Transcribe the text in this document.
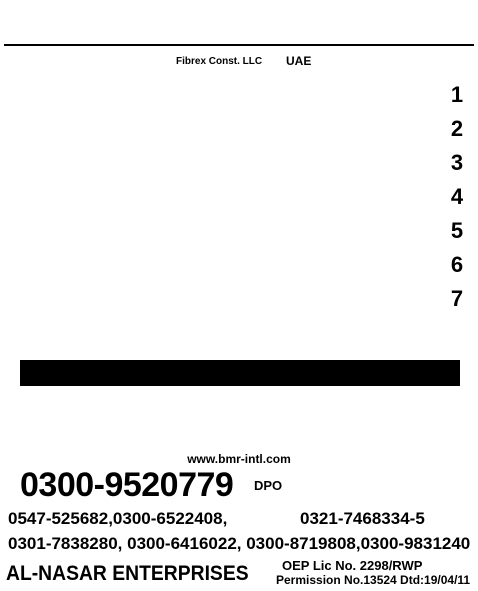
Fibrex Const. LLC UAE
1
2
3
4
5
6
7
www.bmr-intl.com
0300-9520779 DPO
0547-525682,0300-6522408,	0321-7468334-5
0301-7838280, 0300-6416022, 0300-8719808,0300-9831240
AL-NASAR ENTERPRISES	OEP Lic No. 2298/RWP
Permission No.13524 Dtd:19/04/11
